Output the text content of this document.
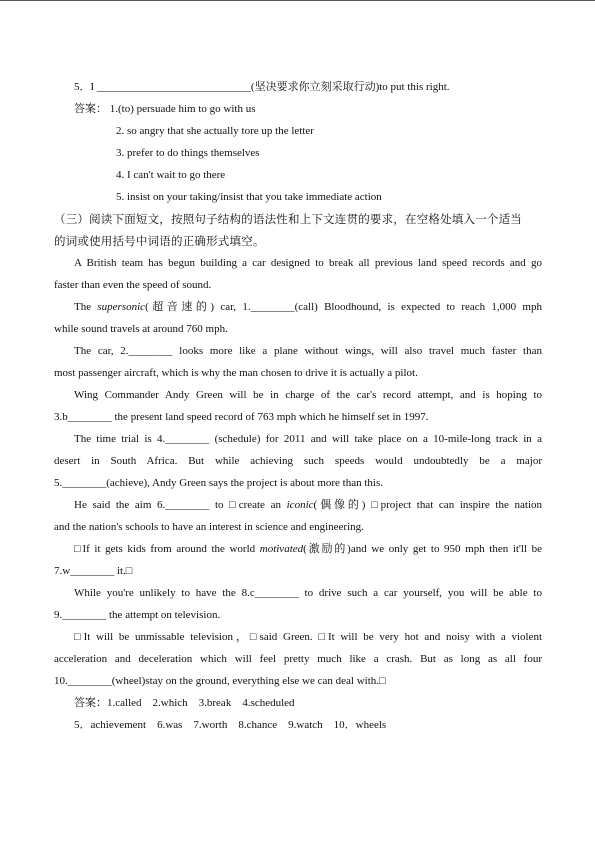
5．I ____________________________(坚决要求你立刻采取行动)to put this right.
答案： 1.(to) persuade him to go with us
2. so angry that she actually tore up the letter
3. prefer to do things themselves
4. I can't wait to go there
5. insist on your taking/insist that you take immediate action
（三）阅读下面短文，按照句子结构的语法性和上下文连贯的要求，在空格处填入一个适当
的词或使用括号中词语的正确形式填空。
A British team has begun building a car designed to break all previous land speed records and go
faster than even the speed of sound.
The supersonic(超音速的) car, 1.________(call) Bloodhound, is expected to reach 1,000 mph
while sound travels at around 760 mph.
The car, 2.________ looks more like a plane without wings, will also travel much faster than
most passenger aircraft, which is why the man chosen to drive it is actually a pilot.
Wing Commander Andy Green will be in charge of the car's record attempt, and is hoping to
3.b________ the present land speed record of 763 mph which he himself set in 1997.
The time trial is 4.________ (schedule) for 2011 and will take place on a 10-mile-long track in a
desert in South Africa. But while achieving such speeds would undoubtedly be a major
5.________(achieve), Andy Green says the project is about more than this.
He said the aim 6.________ to □create an iconic(偶像的) □project that can inspire the nation
and the nation's schools to have an interest in science and engineering.
□If it gets kids from around the world motivated(激励的)and we only get to 950 mph then it'll be
7.w________ it.□
While you're unlikely to have the 8.c________ to drive such a car yourself, you will be able to
9.________ the attempt on television.
□It will be unmissable television，□said Green. □It will be very hot and noisy with a violent
acceleration and deceleration which will feel pretty much like a crash. But as long as all four
10.________(wheel)stay on the ground, everything else we can deal with.□
答案：1.called    2.which    3.break    4.scheduled
5．achievement    6.was    7.worth    8.chance    9.watch    10．wheels
